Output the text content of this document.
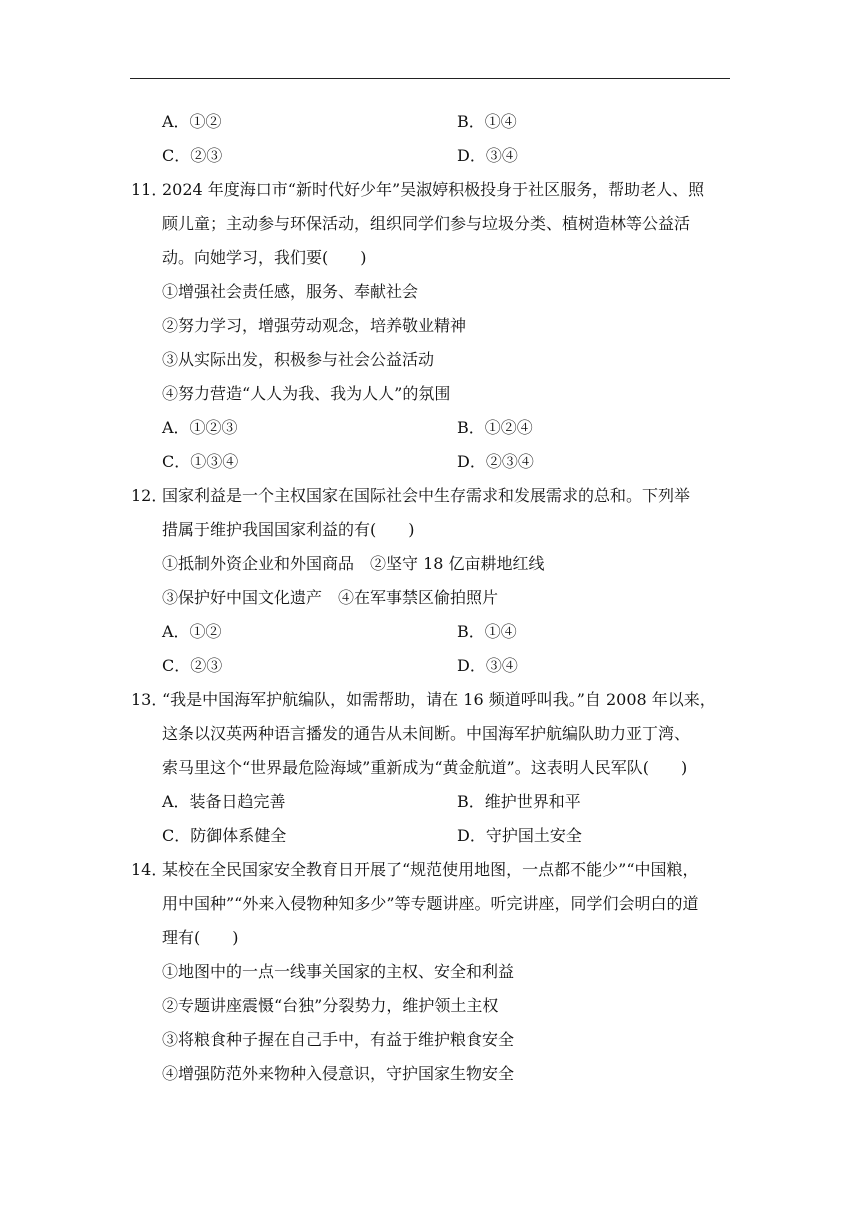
A．①②	B．①④
C．②③	D．③④
11．
2024 年度海口市“新时代好少年”吴淑婷积极投身于社区服务，帮助老人、照
顾儿童；主动参与环保活动，组织同学们参与垃圾分类、植树造林等公益活
动。向她学习，我们要(　　)
①增强社会责任感，服务、奉献社会
②努力学习，增强劳动观念，培养敬业精神
③从实际出发，积极参与社会公益活动
④努力营造“人人为我、我为人人”的氛围
A．①②③	B．①②④
C．①③④	D．②③④
12．
国家利益是一个主权国家在国际社会中生存需求和发展需求的总和。下列举
措属于维护我国国家利益的有(　　)
①抵制外资企业和外国商品　②坚守 18 亿亩耕地红线
③保护好中国文化遗产　④在军事禁区偷拍照片
A．①②	B．①④
C．②③	D．③④
13．
“我是中国海军护航编队，如需帮助，请在 16 频道呼叫我。”自 2008 年以来，
这条以汉英两种语言播发的通告从未间断。中国海军护航编队助力亚丁湾、
索马里这个“世界最危险海域”重新成为“黄金航道”。这表明人民军队(　　)
A．装备日趋完善	B．维护世界和平
C．防御体系健全	D．守护国土安全
14．
某校在全民国家安全教育日开展了“规范使用地图，一点都不能少”“中国粮，
用中国种”“外来入侵物种知多少”等专题讲座。听完讲座，同学们会明白的道
理有(　　)
①地图中的一点一线事关国家的主权、安全和利益
②专题讲座震慑“台独”分裂势力，维护领土主权
③将粮食种子握在自己手中，有益于维护粮食安全
④增强防范外来物种入侵意识，守护国家生物安全
